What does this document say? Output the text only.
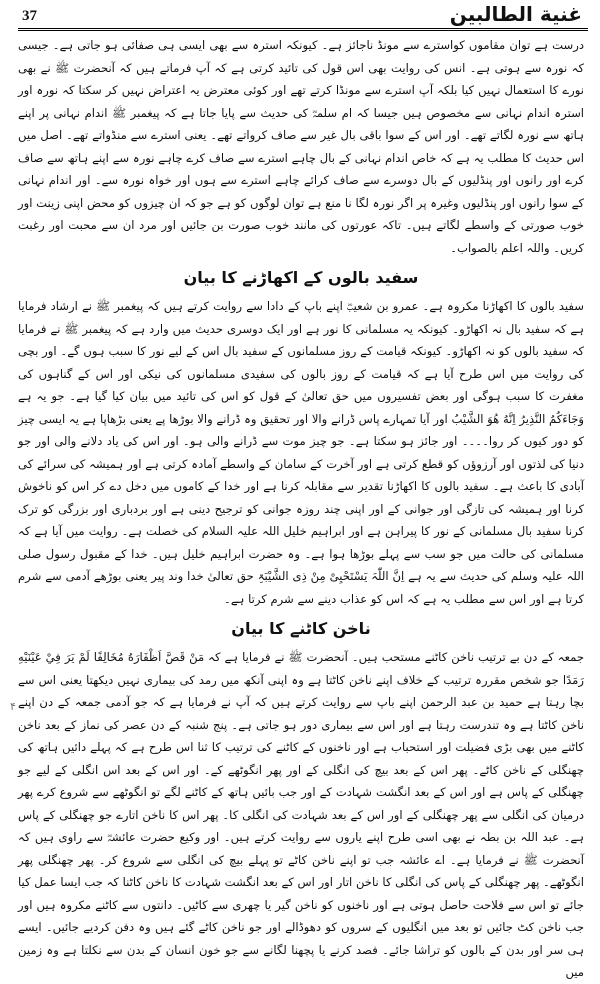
37	غنیة الطالبین

درست ہے توان مقاموں کواسترے سے مونڈ ناجائز ہے۔ کیونکہ استرہ سے بھی ایسی ہی صفائی ہو جاتی ہے۔ جیسی کہ نورہ سے ہوتی ہے۔ انس کی روایت بھی اس قول کی تائید کرتی ہے کہ آپ فرماتے ہیں کہ آنحضرت ﷺ نے بھی نورے کا استعمال نہیں کیا بلکہ آپ استرے سے مونڈا کرتے تھے اور کوئی معترض یہ اعتراض نہیں کر سکتا کہ نورہ اور استرہ اندام نہانی سے مخصوص ہیں جیسا کہ ام سلمہؓ کی حدیث سے پایا جاتا ہے کہ پیغمبر ﷺ اندام نہانی پر اپنے ہاتھ سے نورہ لگاتے تھے۔ اور اس کے سوا باقی بال غیر سے صاف کرواتے تھے۔ یعنی استرے سے منڈواتے تھے۔ اصل میں اس حدیث کا مطلب یہ ہے کہ خاص اندام نہانی کے بال چاہے استرے سے صاف کرے چاہے نورہ سے اپنے ہاتھ سے صاف کرے اور رانوں اور پنڈلیوں کے بال دوسرے سے صاف کرائے چاہے استرے سے ہوں اور خواہ نورہ سے۔ اور اندام نہانی کے سوا رانوں اور پنڈلیوں وغیرہ پر اگر نورہ لگا نا منع ہے توان لوگوں کو ہے جو کہ ان چیزوں کو محض اپنی زینت اور خوب صورتی کے واسطے لگاتے ہیں۔ تاکہ عورتوں کی مانند خوب صورت بن جائیں اور مرد ان سے محبت اور رغبت کریں۔ واللہ اعلم بالصواب۔

سفید بالوں کے اکھاڑنے کا بیان

سفید بالوں کا اکھاڑنا مکروہ ہے۔ عمرو بن شعیبؓ اپنے باپ کے دادا سے روایت کرتے ہیں کہ پیغمبر ﷺ نے ارشاد فرمایا ہے کہ سفید بال نہ اکھاڑو۔ کیونکہ یہ مسلمانی کا نور ہے اور ایک دوسری حدیث میں وارد ہے کہ پیغمبر ﷺ نے فرمایا کہ سفید بالوں کو نہ اکھاڑو۔ کیونکہ قیامت کے روز مسلمانوں کے سفید بال اس کے لیے نور کا سبب ہوں گے۔ اور بچی کی روایت میں اس طرح آیا ہے کہ قیامت کے روز بالوں کی سفیدی مسلمانوں کی نیکی اور اس کے گناہوں کی مغفرت کا سبب ہوگی اور بعض تفسیروں میں حق تعالیٰ کے قول کو اس کی تائید میں بیان کیا گیا ہے۔ جو یہ ہے وَجَاءَكُمُ النَّذِيرُ اِنَّهُ هُوَ الشَّيْبُ اور آیا تمہارے پاس ڈرانے والا اور تحقیق وہ ڈرانے والا بوڑھا پے یعنی بڑھاپا ہے یہ ایسی چیز کو دور کیوں کر روا۔۔۔۔ اور جائز ہو سکتا ہے۔ جو چیز موت سے ڈرانے والی ہو۔ اور اس کی یاد دلانے والی اور جو دنیا کی لذتوں اور آرزوؤں کو قطع کرتی ہے اور آخرت کے سامان کے واسطے آمادہ کرتی ہے اور ہمیشہ کی سرائے کی آبادی کا باعث ہے۔ سفید بالوں کا اکھاڑنا تقدیر سے مقابلہ کرنا ہے اور خدا کے کاموں میں دخل دے کر اس کو ناخوش کرنا اور ہمیشہ کی تازگی اور جوانی کے اور اپنی چند روزہ جوانی کو ترجیح دینی ہے اور بردباری اور بزرگی کو ترک کرنا سفید بال مسلمانی کے نور کا پیراہن ہے اور ابراہیم خلیل اللہ علیہ السلام کی خصلت ہے۔ روایت میں آیا ہے کہ مسلمانی کی حالت میں جو سب سے پہلے بوڑھا ہوا ہے۔ وہ حضرت ابراہیم خلیل ہیں۔ خدا کے مقبول رسول صلی اللہ علیہ وسلم کی حدیث سے یہ ہے اِنَّ اللّٰہَ یَسْتَحْیِیْ مِنْ ذِی الشَّیْبَۃِ حق تعالیٰ خدا وند پیر یعنی بوڑھے آدمی سے شرم کرتا ہے اور اس سے مطلب یہ ہے کہ اس کو عذاب دینے سے شرم کرتا ہے۔

ناخن کاٹنے کا بیان

جمعہ کے دن بے ترتیب ناخن کاٹنے مستحب ہیں۔ آنحضرت ﷺ نے فرمایا ہے کہ مَنْ قَصَّ اَظْفَارَهُ مُخَالِفًا لَمْ يَرَ فِيْ عَيْنَيْهِ رَمَدًا جو شخص مقررہ ترتیب کے خلاف اپنے ناخن کاٹتا ہے وہ اپنی آنکھ میں رمد کی بیماری نہیں دیکھتا یعنی اس سے بچا رہتا ہے حمید بن عبد الرحمن اپنے باپ سے روایت کرتے ہیں کہ آپ نے فرمایا ہے کہ جو آدمی جمعہ کے دن اپنے ناخن کاٹتا ہے وہ تندرست رہتا ہے اور اس سے بیماری دور ہو جاتی ہے۔ پنج شنبہ کے دن عصر کی نماز کے بعد ناخن کاٹنے میں بھی بڑی فضیلت اور استحباب ہے اور ناخنوں کے کاٹنے کی ترتیب کا ثنا اس طرح ہے کہ پہلے دائیں ہاتھ کی چھنگلی کے ناخن کاٹے۔ پھر اس کے بعد بیچ کی انگلی کے اور پھر انگوٹھے کے۔ اور اس کے بعد اس انگلی کے لیے جو چھنگلی کے پاس ہے اور اس کے بعد انگشت شہادت کے اور جب بائیں ہاتھ کے کاٹنے لگے تو انگوٹھے سے شروع کرے پھر درمیان کی انگلی سے پھر چھنگلی کے اور اس کے بعد شہادت کی انگلی کا۔ پھر اس کا ناخن اتارے جو چھنگلی کے پاس ہے۔ عبد اللہ بن بطہ نے بھی اسی طرح اپنے یاروں سے روایت کرتے ہیں۔ اور وکیع حضرت عائشہؓ سے راوی ہیں کہ آنحضرت ﷺ نے فرمایا ہے۔ اے عائشہ جب تو اپنے ناخن کاٹے تو پہلے بیچ کی انگلی سے شروع کر۔ پھر چھنگلی پھر انگوٹھے۔ پھر چھنگلی کے پاس کی انگلی کا ناخن اتار اور اس کے بعد انگشت شہادت کا ناخن کاٹنا کہ جب ایسا عمل کیا جائے تو اس سے فلاحت حاصل ہوتی ہے اور ناخنوں کو ناخن گیر یا چھری سے کاٹیں۔ دانتوں سے کاٹنے مکروہ ہیں اور جب ناخن کٹ جائیں تو بعد میں انگلیوں کے سروں کو دھوڈالے اور جو ناخن کاٹے گئے ہیں وہ دفن کردیے جائیں۔ ایسے ہی سر اور بدن کے بالوں کو تراشا جائے۔ فصد کرنے یا پچھنا لگانے سے جو خون انسان کے بدن سے نکلتا ہے وہ زمین میں

۴
